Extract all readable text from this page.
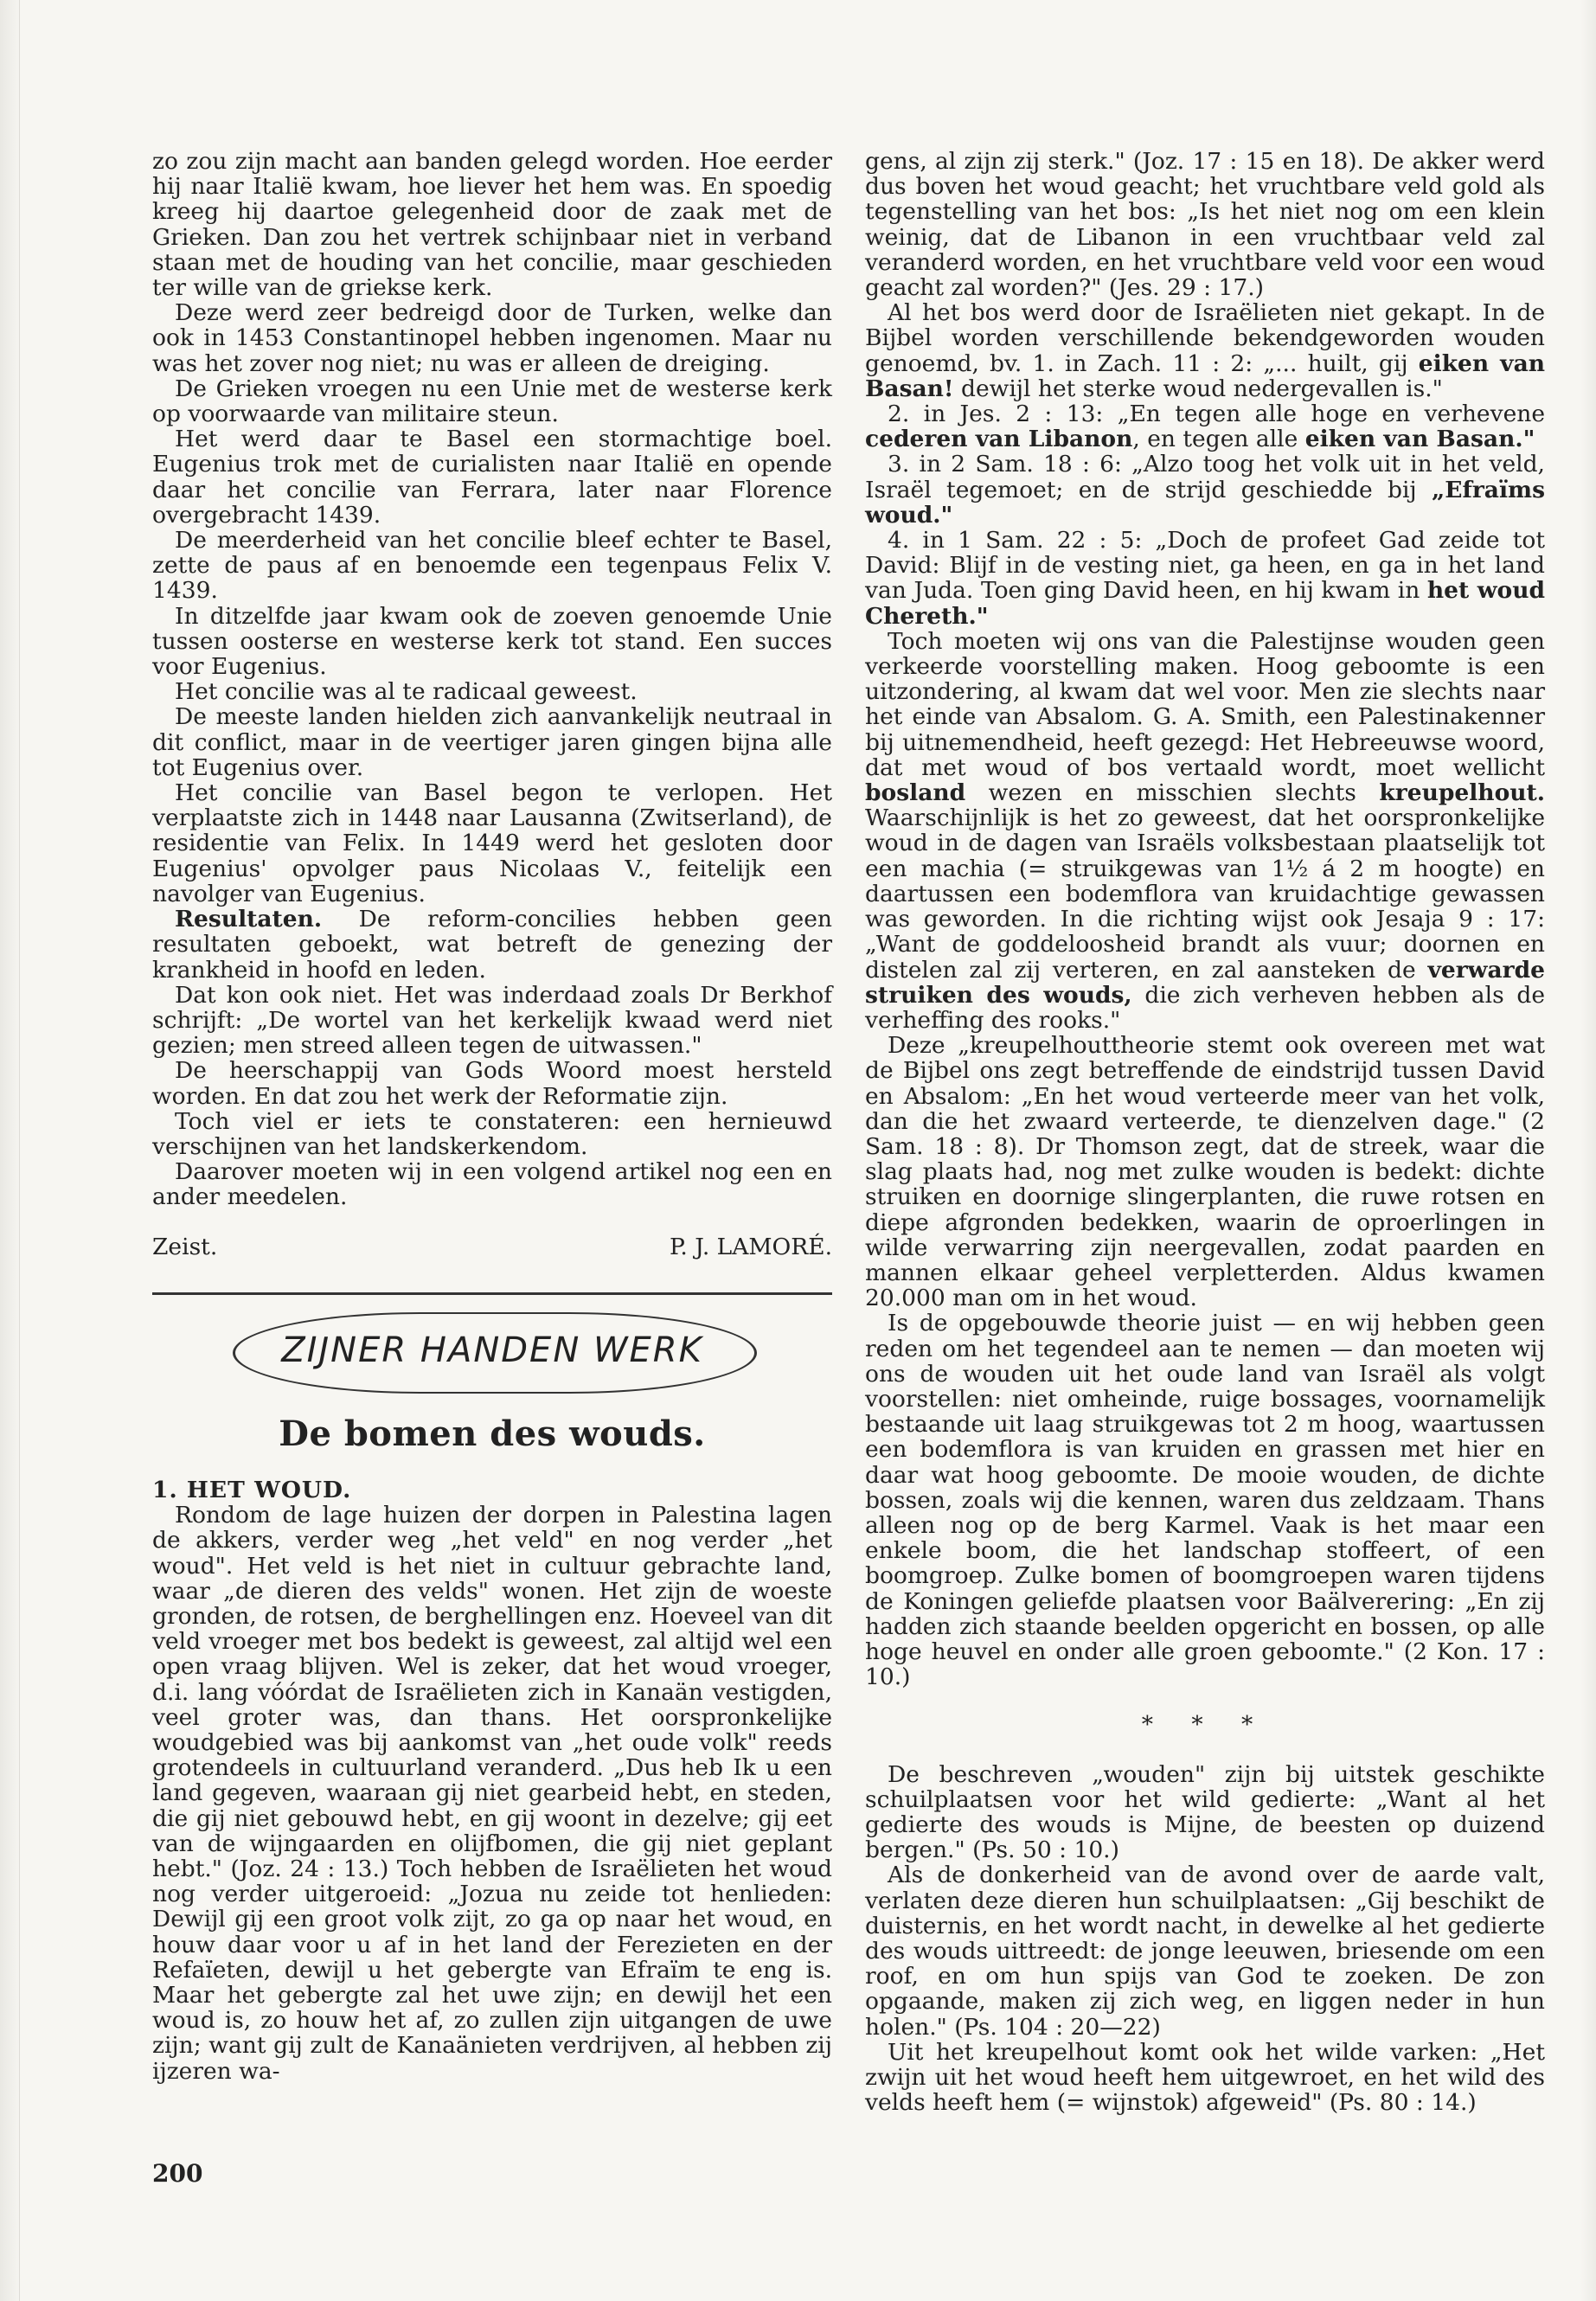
zo zou zijn macht aan banden gelegd worden. Hoe eerder hij naar Italië kwam, hoe liever het hem was. En spoedig kreeg hij daartoe gelegenheid door de zaak met de Grieken. Dan zou het vertrek schijnbaar niet in verband staan met de houding van het concilie, maar geschieden ter wille van de griekse kerk.

Deze werd zeer bedreigd door de Turken, welke dan ook in 1453 Constantinopel hebben ingenomen. Maar nu was het zover nog niet; nu was er alleen de dreiging.

De Grieken vroegen nu een Unie met de westerse kerk op voorwaarde van militaire steun.

Het werd daar te Basel een stormachtige boel. Eugenius trok met de curialisten naar Italië en opende daar het concilie van Ferrara, later naar Florence overgebracht 1439.

De meerderheid van het concilie bleef echter te Basel, zette de paus af en benoemde een tegenpaus Felix V. 1439.

In ditzelfde jaar kwam ook de zoeven genoemde Unie tussen oosterse en westerse kerk tot stand. Een succes voor Eugenius.

Het concilie was al te radicaal geweest.

De meeste landen hielden zich aanvankelijk neutraal in dit conflict, maar in de veertiger jaren gingen bijna alle tot Eugenius over.

Het concilie van Basel begon te verlopen. Het verplaatste zich in 1448 naar Lausanna (Zwitserland), de residentie van Felix. In 1449 werd het gesloten door Eugenius' opvolger paus Nicolaas V., feitelijk een navolger van Eugenius.

Resultaten. De reform-concilies hebben geen resultaten geboekt, wat betreft de genezing der krankheid in hoofd en leden.

Dat kon ook niet. Het was inderdaad zoals Dr Berkhof schrijft: „De wortel van het kerkelijk kwaad werd niet gezien; men streed alleen tegen de uitwassen."

De heerschappij van Gods Woord moest hersteld worden. En dat zou het werk der Reformatie zijn.

Toch viel er iets te constateren: een hernieuwd verschijnen van het landskerkendom.

Daarover moeten wij in een volgend artikel nog een en ander meedelen.

Zeist.	P. J. LAMORÉ.
ZIJNER HANDEN WERK
De bomen des wouds.

1. HET WOUD.

Rondom de lage huizen der dorpen in Palestina lagen de akkers, verder weg „het veld" en nog verder „het woud". Het veld is het niet in cultuur gebrachte land, waar „de dieren des velds" wonen. Het zijn de woeste gronden, de rotsen, de berghellingen enz. Hoeveel van dit veld vroeger met bos bedekt is geweest, zal altijd wel een open vraag blijven. Wel is zeker, dat het woud vroeger, d.i. lang vóórdat de Israëlieten zich in Kanaän vestigden, veel groter was, dan thans. Het oorspronkelijke woudgebied was bij aankomst van „het oude volk" reeds grotendeels in cultuurland veranderd. „Dus heb Ik u een land gegeven, waaraan gij niet gearbeid hebt, en steden, die gij niet gebouwd hebt, en gij woont in dezelve; gij eet van de wijngaarden en olijfbomen, die gij niet geplant hebt." (Joz. 24 : 13.) Toch hebben de Israëlieten het woud nog verder uitgeroeid: „Jozua nu zeide tot henlieden: Dewijl gij een groot volk zijt, zo ga op naar het woud, en houw daar voor u af in het land der Ferezieten en der Refaïeten, dewijl u het gebergte van Efraïm te eng is. Maar het gebergte zal het uwe zijn; en dewijl het een woud is, zo houw het af, zo zullen zijn uitgangen de uwe zijn; want gij zult de Kanaänieten verdrijven, al hebben zij ijzeren wa-

gens, al zijn zij sterk." (Joz. 17 : 15 en 18). De akker werd dus boven het woud geacht; het vruchtbare veld gold als tegenstelling van het bos: „Is het niet nog om een klein weinig, dat de Libanon in een vruchtbaar veld zal veranderd worden, en het vruchtbare veld voor een woud geacht zal worden?" (Jes. 29 : 17.)

Al het bos werd door de Israëlieten niet gekapt. In de Bijbel worden verschillende bekendgeworden wouden genoemd, bv. 1. in Zach. 11 : 2: „... huilt, gij eiken van Basan! dewijl het sterke woud nedergevallen is."

2. in Jes. 2 : 13: „En tegen alle hoge en verhevene cederen van Libanon, en tegen alle eiken van Basan."

3. in 2 Sam. 18 : 6: „Alzo toog het volk uit in het veld, Israël tegemoet; en de strijd geschiedde bij „Efraïms woud."

4. in 1 Sam. 22 : 5: „Doch de profeet Gad zeide tot David: Blijf in de vesting niet, ga heen, en ga in het land van Juda. Toen ging David heen, en hij kwam in het woud Chereth."

Toch moeten wij ons van die Palestijnse wouden geen verkeerde voorstelling maken. Hoog geboomte is een uitzondering, al kwam dat wel voor. Men zie slechts naar het einde van Absalom. G. A. Smith, een Palestinakenner bij uitnemendheid, heeft gezegd: Het Hebreeuwse woord, dat met woud of bos vertaald wordt, moet wellicht bosland wezen en misschien slechts kreupelhout. Waarschijnlijk is het zo geweest, dat het oorspronkelijke woud in de dagen van Israëls volksbestaan plaatselijk tot een machia (= struikgewas van 1½ á 2 m hoogte) en daartussen een bodemflora van kruidachtige gewassen was geworden. In die richting wijst ook Jesaja 9 : 17: „Want de goddeloosheid brandt als vuur; doornen en distelen zal zij verteren, en zal aansteken de verwarde struiken des wouds, die zich verheven hebben als de verheffing des rooks."

Deze „kreupelhouttheorie stemt ook overeen met wat de Bijbel ons zegt betreffende de eindstrijd tussen David en Absalom: „En het woud verteerde meer van het volk, dan die het zwaard verteerde, te dienzelven dage." (2 Sam. 18 : 8). Dr Thomson zegt, dat de streek, waar die slag plaats had, nog met zulke wouden is bedekt: dichte struiken en doornige slingerplanten, die ruwe rotsen en diepe afgronden bedekken, waarin de oproerlingen in wilde verwarring zijn neergevallen, zodat paarden en mannen elkaar geheel verpletterden. Aldus kwamen 20.000 man om in het woud.

Is de opgebouwde theorie juist — en wij hebben geen reden om het tegendeel aan te nemen — dan moeten wij ons de wouden uit het oude land van Israël als volgt voorstellen: niet omheinde, ruige bossages, voornamelijk bestaande uit laag struikgewas tot 2 m hoog, waartussen een bodemflora is van kruiden en grassen met hier en daar wat hoog geboomte. De mooie wouden, de dichte bossen, zoals wij die kennen, waren dus zeldzaam. Thans alleen nog op de berg Karmel. Vaak is het maar een enkele boom, die het landschap stoffeert, of een boomgroep. Zulke bomen of boomgroepen waren tijdens de Koningen geliefde plaatsen voor Baälverering: „En zij hadden zich staande beelden opgericht en bossen, op alle hoge heuvel en onder alle groen geboomte." (2 Kon. 17 : 10.)

* * *

De beschreven „wouden" zijn bij uitstek geschikte schuilplaatsen voor het wild gedierte: „Want al het gedierte des wouds is Mijne, de beesten op duizend bergen." (Ps. 50 : 10.)

Als de donkerheid van de avond over de aarde valt, verlaten deze dieren hun schuilplaatsen: „Gij beschikt de duisternis, en het wordt nacht, in dewelke al het gedierte des wouds uittreedt: de jonge leeuwen, briesende om een roof, en om hun spijs van God te zoeken. De zon opgaande, maken zij zich weg, en liggen neder in hun holen." (Ps. 104 : 20—22)

Uit het kreupelhout komt ook het wilde varken: „Het zwijn uit het woud heeft hem uitgewroet, en het wild des velds heeft hem (= wijnstok) afgeweid" (Ps. 80 : 14.)

200
